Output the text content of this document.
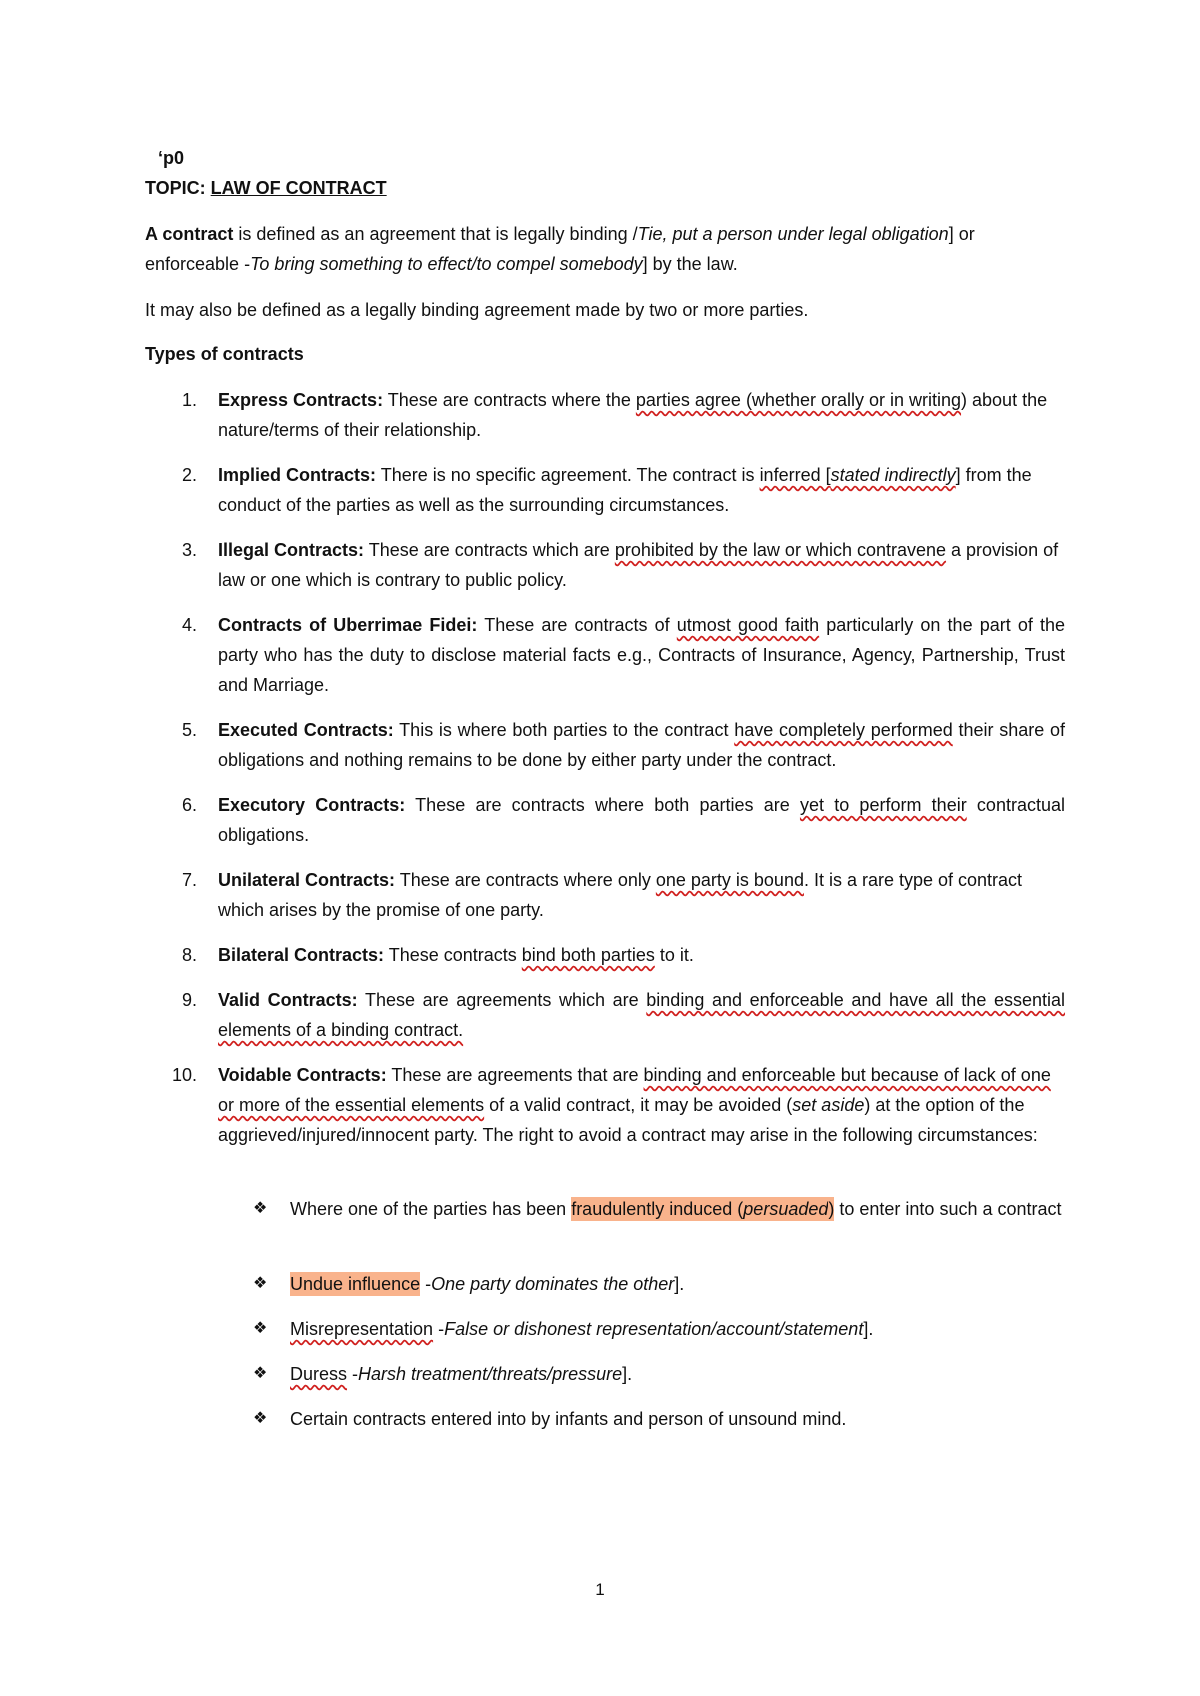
‘p0
TOPIC: LAW OF CONTRACT
A contract is defined as an agreement that is legally binding /Tie, put a person under legal obligation] or enforceable -To bring something to effect/to compel somebody] by the law.
It may also be defined as a legally binding agreement made by two or more parties.
Types of contracts
1. Express Contracts: These are contracts where the parties agree (whether orally or in writing) about the nature/terms of their relationship.
2. Implied Contracts: There is no specific agreement. The contract is inferred [stated indirectly] from the conduct of the parties as well as the surrounding circumstances.
3. Illegal Contracts: These are contracts which are prohibited by the law or which contravene a provision of law or one which is contrary to public policy.
4. Contracts of Uberrimae Fidei: These are contracts of utmost good faith particularly on the part of the party who has the duty to disclose material facts e.g., Contracts of Insurance, Agency, Partnership, Trust and Marriage.
5. Executed Contracts: This is where both parties to the contract have completely performed their share of obligations and nothing remains to be done by either party under the contract.
6. Executory Contracts: These are contracts where both parties are yet to perform their contractual obligations.
7. Unilateral Contracts: These are contracts where only one party is bound. It is a rare type of contract which arises by the promise of one party.
8. Bilateral Contracts: These contracts bind both parties to it.
9. Valid Contracts: These are agreements which are binding and enforceable and have all the essential elements of a binding contract.
10. Voidable Contracts: These are agreements that are binding and enforceable but because of lack of one or more of the essential elements of a valid contract, it may be avoided (set aside) at the option of the aggrieved/injured/innocent party. The right to avoid a contract may arise in the following circumstances:
❖ Where one of the parties has been fraudulently induced (persuaded) to enter into such a contract
❖ Undue influence -One party dominates the other].
❖ Misrepresentation -False or dishonest representation/account/statement].
❖ Duress -Harsh treatment/threats/pressure].
❖ Certain contracts entered into by infants and person of unsound mind.
1
